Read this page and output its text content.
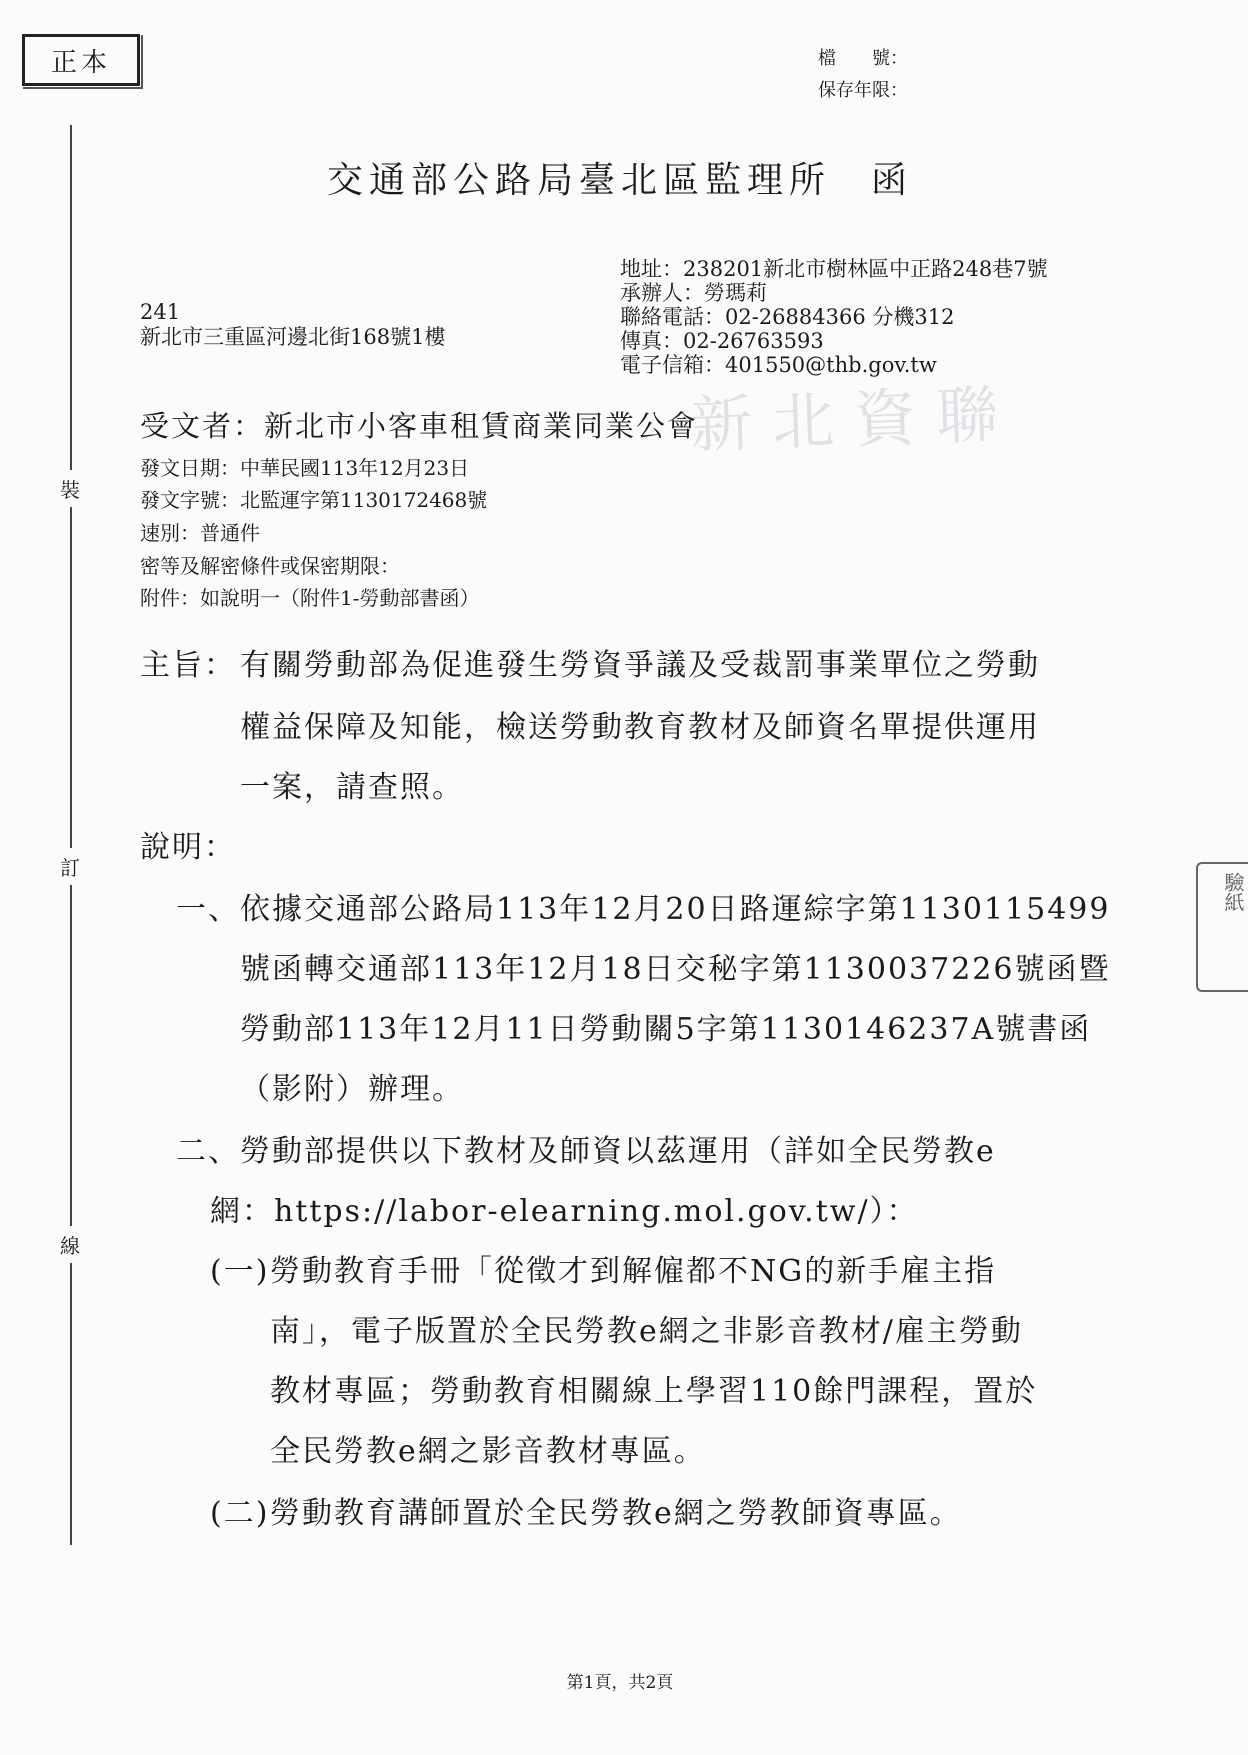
正本	檔　　號：
保存年限：
裝
訂
線
新北資聯
驗紙
交通部公路局臺北區監理所 函
地址：238201新北市樹林區中正路248巷7號
承辦人：勞瑪莉
聯絡電話：02-26884366 分機312
傳真：02-26763593
電子信箱：401550@thb.gov.tw
241
新北市三重區河邊北街168號1樓
受文者：新北市小客車租賃商業同業公會
發文日期：中華民國113年12月23日
發文字號：北監運字第1130172468號
速別：普通件
密等及解密條件或保密期限：
附件：如說明一（附件1-勞動部書函）
主旨： 有關勞動部為促進發生勞資爭議及受裁罰事業單位之勞動
權益保障及知能，檢送勞動教育教材及師資名單提供運用
一案，請查照。
說明：
一、 依據交通部公路局113年12月20日路運綜字第1130115499
號函轉交通部113年12月18日交秘字第1130037226號函暨
勞動部113年12月11日勞動關5字第1130146237A號書函
（影附）辦理。
二、 勞動部提供以下教材及師資以茲運用（詳如全民勞教e
網：https://labor-elearning.mol.gov.tw/）：
(一) 勞動教育手冊「從徵才到解僱都不NG的新手雇主指
南」，電子版置於全民勞教e網之非影音教材/雇主勞動
教材專區；勞動教育相關線上學習110餘門課程，置於
全民勞教e網之影音教材專區。
(二) 勞動教育講師置於全民勞教e網之勞教師資專區。
第1頁，共2頁
